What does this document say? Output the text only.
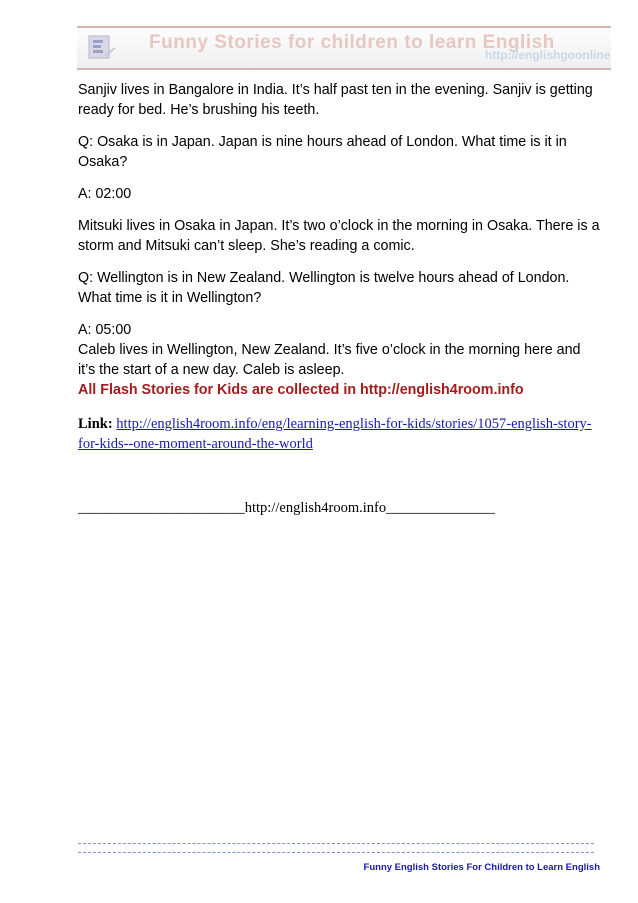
Funny Stories for children to learn English
http://englishgoonline

Sanjiv lives in Bangalore in India. It’s half past ten in the evening. Sanjiv is getting ready for bed. He’s brushing his teeth.

Q: Osaka is in Japan. Japan is nine hours ahead of London. What time is it in Osaka?

A: 02:00

Mitsuki lives in Osaka in Japan. It’s two o’clock in the morning in Osaka. There is a storm and Mitsuki can’t sleep. She’s reading a comic.

Q: Wellington is in New Zealand. Wellington is twelve hours ahead of London. What time is it in Wellington?

A: 05:00

Caleb lives in Wellington, New Zealand. It’s five o’clock in the morning here and it’s the start of a new day. Caleb is asleep.

All Flash Stories for Kids are collected in http://english4room.info

Link: http://english4room.info/eng/learning-english-for-kids/stories/1057-english-story-for-kids--one-moment-around-the-world
_______________________http://english4room.info_______________
Funny English Stories For Children to Learn English
